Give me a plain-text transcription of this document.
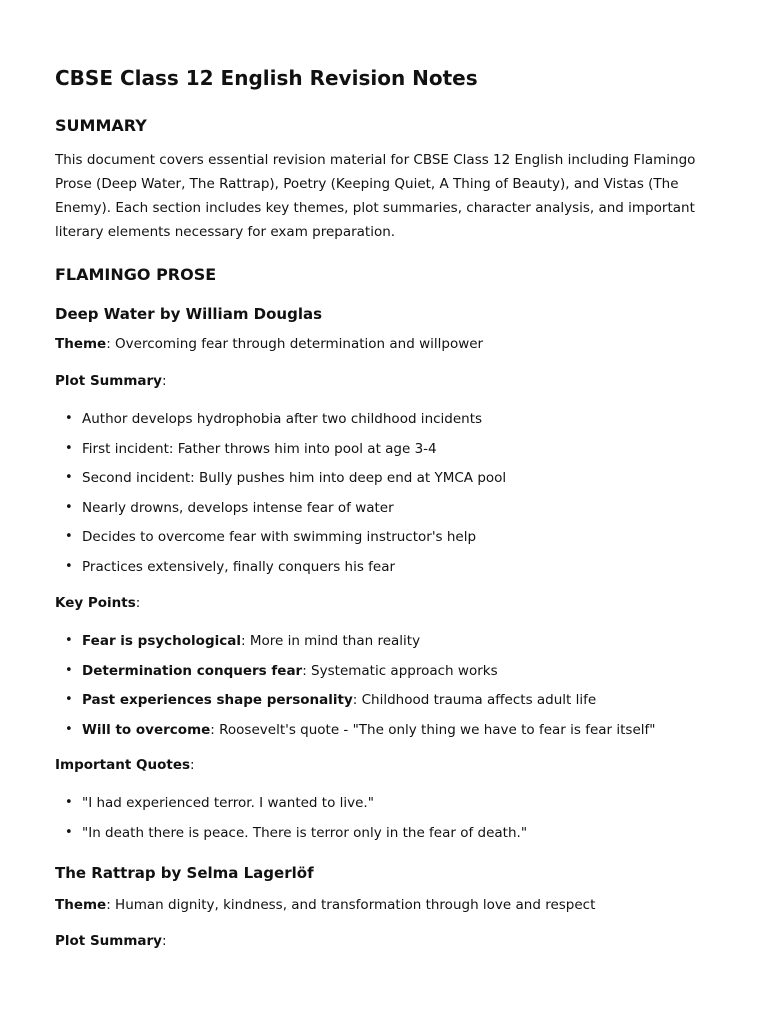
CBSE Class 12 English Revision Notes
SUMMARY

This document covers essential revision material for CBSE Class 12 English including Flamingo Prose (Deep Water, The Rattrap), Poetry (Keeping Quiet, A Thing of Beauty), and Vistas (The Enemy). Each section includes key themes, plot summaries, character analysis, and important literary elements necessary for exam preparation.

FLAMINGO PROSE
Deep Water by William Douglas

Theme: Overcoming fear through determination and willpower

Plot Summary:

• Author develops hydrophobia after two childhood incidents
• First incident: Father throws him into pool at age 3-4
• Second incident: Bully pushes him into deep end at YMCA pool
• Nearly drowns, develops intense fear of water
• Decides to overcome fear with swimming instructor's help
• Practices extensively, finally conquers his fear

Key Points:

• Fear is psychological: More in mind than reality
• Determination conquers fear: Systematic approach works
• Past experiences shape personality: Childhood trauma affects adult life
• Will to overcome: Roosevelt's quote - "The only thing we have to fear is fear itself"

Important Quotes:

• "I had experienced terror. I wanted to live."
• "In death there is peace. There is terror only in the fear of death."
The Rattrap by Selma Lagerlöf

Theme: Human dignity, kindness, and transformation through love and respect

Plot Summary:
